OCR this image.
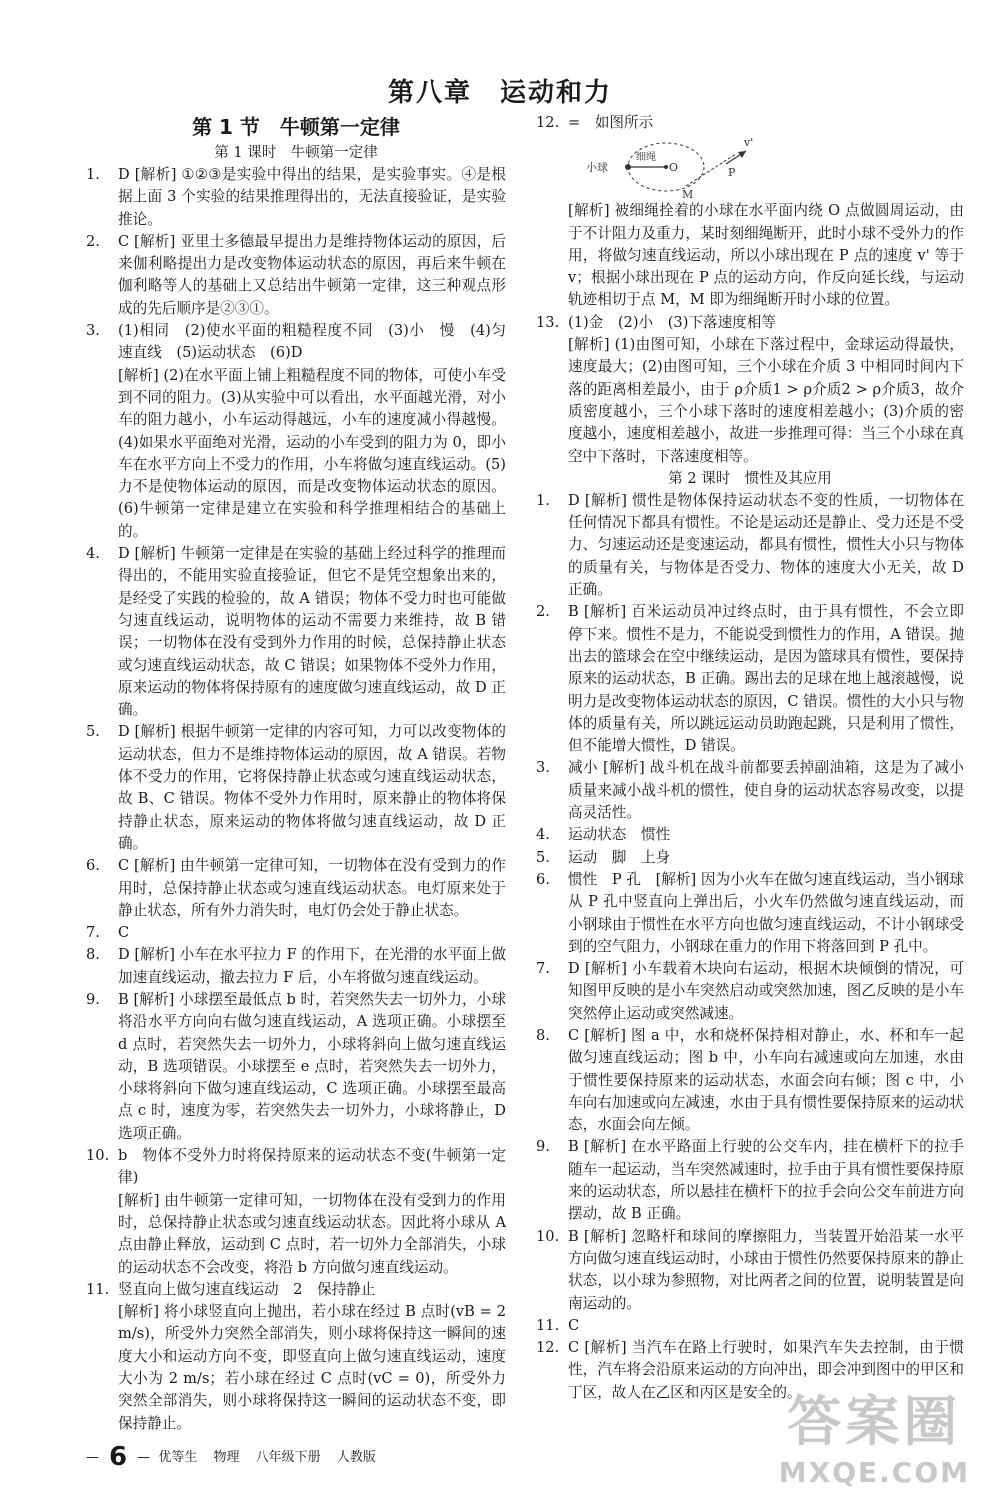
第八章　运动和力
第 1 节　牛顿第一定律
第 1 课时　牛顿第一定律
1.	D [解析] ①②③是实验中得出的结果，是实验事实。④是根据上面 3 个实验的结果推理得出的，无法直接验证，是实验推论。
2.	C [解析] 亚里士多德最早提出力是维持物体运动的原因，后来伽利略提出力是改变物体运动状态的原因，再后来牛顿在伽利略等人的基础上又总结出牛顿第一定律，这三种观点形成的先后顺序是②③①。
3.	(1)相同　(2)使水平面的粗糙程度不同　(3)小　慢　(4)匀速直线　(5)运动状态　(6)D
[解析] (2)在水平面上铺上粗糙程度不同的物体，可使小车受到不同的阻力。(3)从实验中可以看出，水平面越光滑，对小车的阻力越小，小车运动得越远，小车的速度减小得越慢。(4)如果水平面绝对光滑，运动的小车受到的阻力为 0，即小车在水平方向上不受力的作用，小车将做匀速直线运动。(5)力不是使物体运动的原因，而是改变物体运动状态的原因。(6)牛顿第一定律是建立在实验和科学推理相结合的基础上的。
4.	D [解析] 牛顿第一定律是在实验的基础上经过科学的推理而得出的，不能用实验直接验证，但它不是凭空想象出来的，是经受了实践的检验的，故 A 错误；物体不受力时也可能做匀速直线运动，说明物体的运动不需要力来维持，故 B 错误；一切物体在没有受到外力作用的时候，总保持静止状态或匀速直线运动状态，故 C 错误；如果物体不受外力作用，原来运动的物体将保持原有的速度做匀速直线运动，故 D 正确。
5.	D [解析] 根据牛顿第一定律的内容可知，力可以改变物体的运动状态，但力不是维持物体运动的原因，故 A 错误。若物体不受力的作用，它将保持静止状态或匀速直线运动状态，故 B、C 错误。物体不受外力作用时，原来静止的物体将保持静止状态，原来运动的物体将做匀速直线运动，故 D 正确。
6.	C [解析] 由牛顿第一定律可知，一切物体在没有受到力的作用时，总保持静止状态或匀速直线运动状态。电灯原来处于静止状态，所有外力消失时，电灯仍会处于静止状态。
7.	C
8.	D [解析] 小车在水平拉力 F 的作用下，在光滑的水平面上做加速直线运动，撤去拉力 F 后，小车将做匀速直线运动。
9.	B [解析] 小球摆至最低点 b 时，若突然失去一切外力，小球将沿水平方向向右做匀速直线运动，A 选项正确。小球摆至 d 点时，若突然失去一切外力，小球将斜向上做匀速直线运动，B 选项错误。小球摆至 e 点时，若突然失去一切外力，小球将斜向下做匀速直线运动，C 选项正确。小球摆至最高点 c 时，速度为零，若突然失去一切外力，小球将静止，D 选项正确。
10. b　物体不受外力时将保持原来的运动状态不变(牛顿第一定律)
[解析] 由牛顿第一定律可知，一切物体在没有受到力的作用时，总保持静止状态或匀速直线运动状态。因此将小球从 A 点由静止释放，运动到 C 点时，若一切外力全部消失，小球的运动状态不会改变，将沿 b 方向做匀速直线运动。
11. 竖直向上做匀速直线运动　2　保持静止
[解析] 将小球竖直向上抛出，若小球在经过 B 点时(vB = 2 m/s)，所受外力突然全部消失，则小球将保持这一瞬间的速度大小和运动方向不变，即竖直向上做匀速直线运动，速度大小为 2 m/s；若小球在经过 C 点时(vC = 0)，所受外力突然全部消失，则小球将保持这一瞬间的运动状态不变，即保持静止。
12. =　如图所示
小球
细绳
O
M
P
v'
[解析] 被细绳拴着的小球在水平面内绕 O 点做圆周运动，由于不计阻力及重力，某时刻细绳断开，此时小球不受外力的作用，将做匀速直线运动，所以小球出现在 P 点的速度 v' 等于 v；根据小球出现在 P 点的运动方向，作反向延长线，与运动轨迹相切于点 M，M 即为细绳断开时小球的位置。
13. (1)金　(2)小　(3)下落速度相等
[解析] (1)由图可知，小球在下落过程中，金球运动得最快，速度最大；(2)由图可知，三个小球在介质 3 中相同时间内下落的距离相差最小，由于 ρ介质1 > ρ介质2 > ρ介质3，故介质密度越小，三个小球下落时的速度相差越小；(3)介质的密度越小，速度相差越小，故进一步推理可得：当三个小球在真空中下落时，下落速度相等。
第 2 课时　惯性及其应用
1.	D [解析] 惯性是物体保持运动状态不变的性质，一切物体在任何情况下都具有惯性。不论是运动还是静止、受力还是不受力、匀速运动还是变速运动，都具有惯性，惯性大小只与物体的质量有关，与物体是否受力、物体的速度大小无关，故 D 正确。
2.	B [解析] 百米运动员冲过终点时，由于具有惯性，不会立即停下来。惯性不是力，不能说受到惯性力的作用，A 错误。抛出去的篮球会在空中继续运动，是因为篮球具有惯性，要保持原来的运动状态，B 正确。踢出去的足球在地上越滚越慢，说明力是改变物体运动状态的原因，C 错误。惯性的大小只与物体的质量有关，所以跳远运动员助跑起跳，只是利用了惯性，但不能增大惯性，D 错误。
3.	减小 [解析] 战斗机在战斗前都要丢掉副油箱，这是为了减小质量来减小战斗机的惯性，使自身的运动状态容易改变，以提高灵活性。
4.	运动状态　惯性
5.	运动　脚　上身
6.	惯性　P 孔　[解析] 因为小火车在做匀速直线运动，当小钢球从 P 孔中竖直向上弹出后，小火车仍然做匀速直线运动，而小钢球由于惯性在水平方向也做匀速直线运动，不计小钢球受到的空气阻力，小钢球在重力的作用下将落回到 P 孔中。
7.	D [解析] 小车载着木块向右运动，根据木块倾倒的情况，可知图甲反映的是小车突然启动或突然加速，图乙反映的是小车突然停止运动或突然减速。
8.	C [解析] 图 a 中，水和烧杯保持相对静止，水、杯和车一起做匀速直线运动；图 b 中，小车向右减速或向左加速，水由于惯性要保持原来的运动状态，水面会向右倾；图 c 中，小车向右加速或向左减速，水由于具有惯性要保持原来的运动状态，水面会向左倾。
9.	B [解析] 在水平路面上行驶的公交车内，挂在横杆下的拉手随车一起运动，当车突然减速时，拉手由于具有惯性要保持原来的运动状态，所以悬挂在横杆下的拉手会向公交车前进方向摆动，故 B 正确。
10. B [解析] 忽略杆和球间的摩擦阻力，当装置开始沿某一水平方向做匀速直线运动时，小球由于惯性仍然要保持原来的静止状态，以小球为参照物，对比两者之间的位置，说明装置是向南运动的。
11. C
12. C [解析] 当汽车在路上行驶时，如果汽车失去控制，由于惯性，汽车将会沿原来运动的方向冲出，即会冲到图中的甲区和丁区，故人在乙区和丙区是安全的。
— 6 —  优等生 物理 八年级下册 人教版
答案圈
MXQE.COM
